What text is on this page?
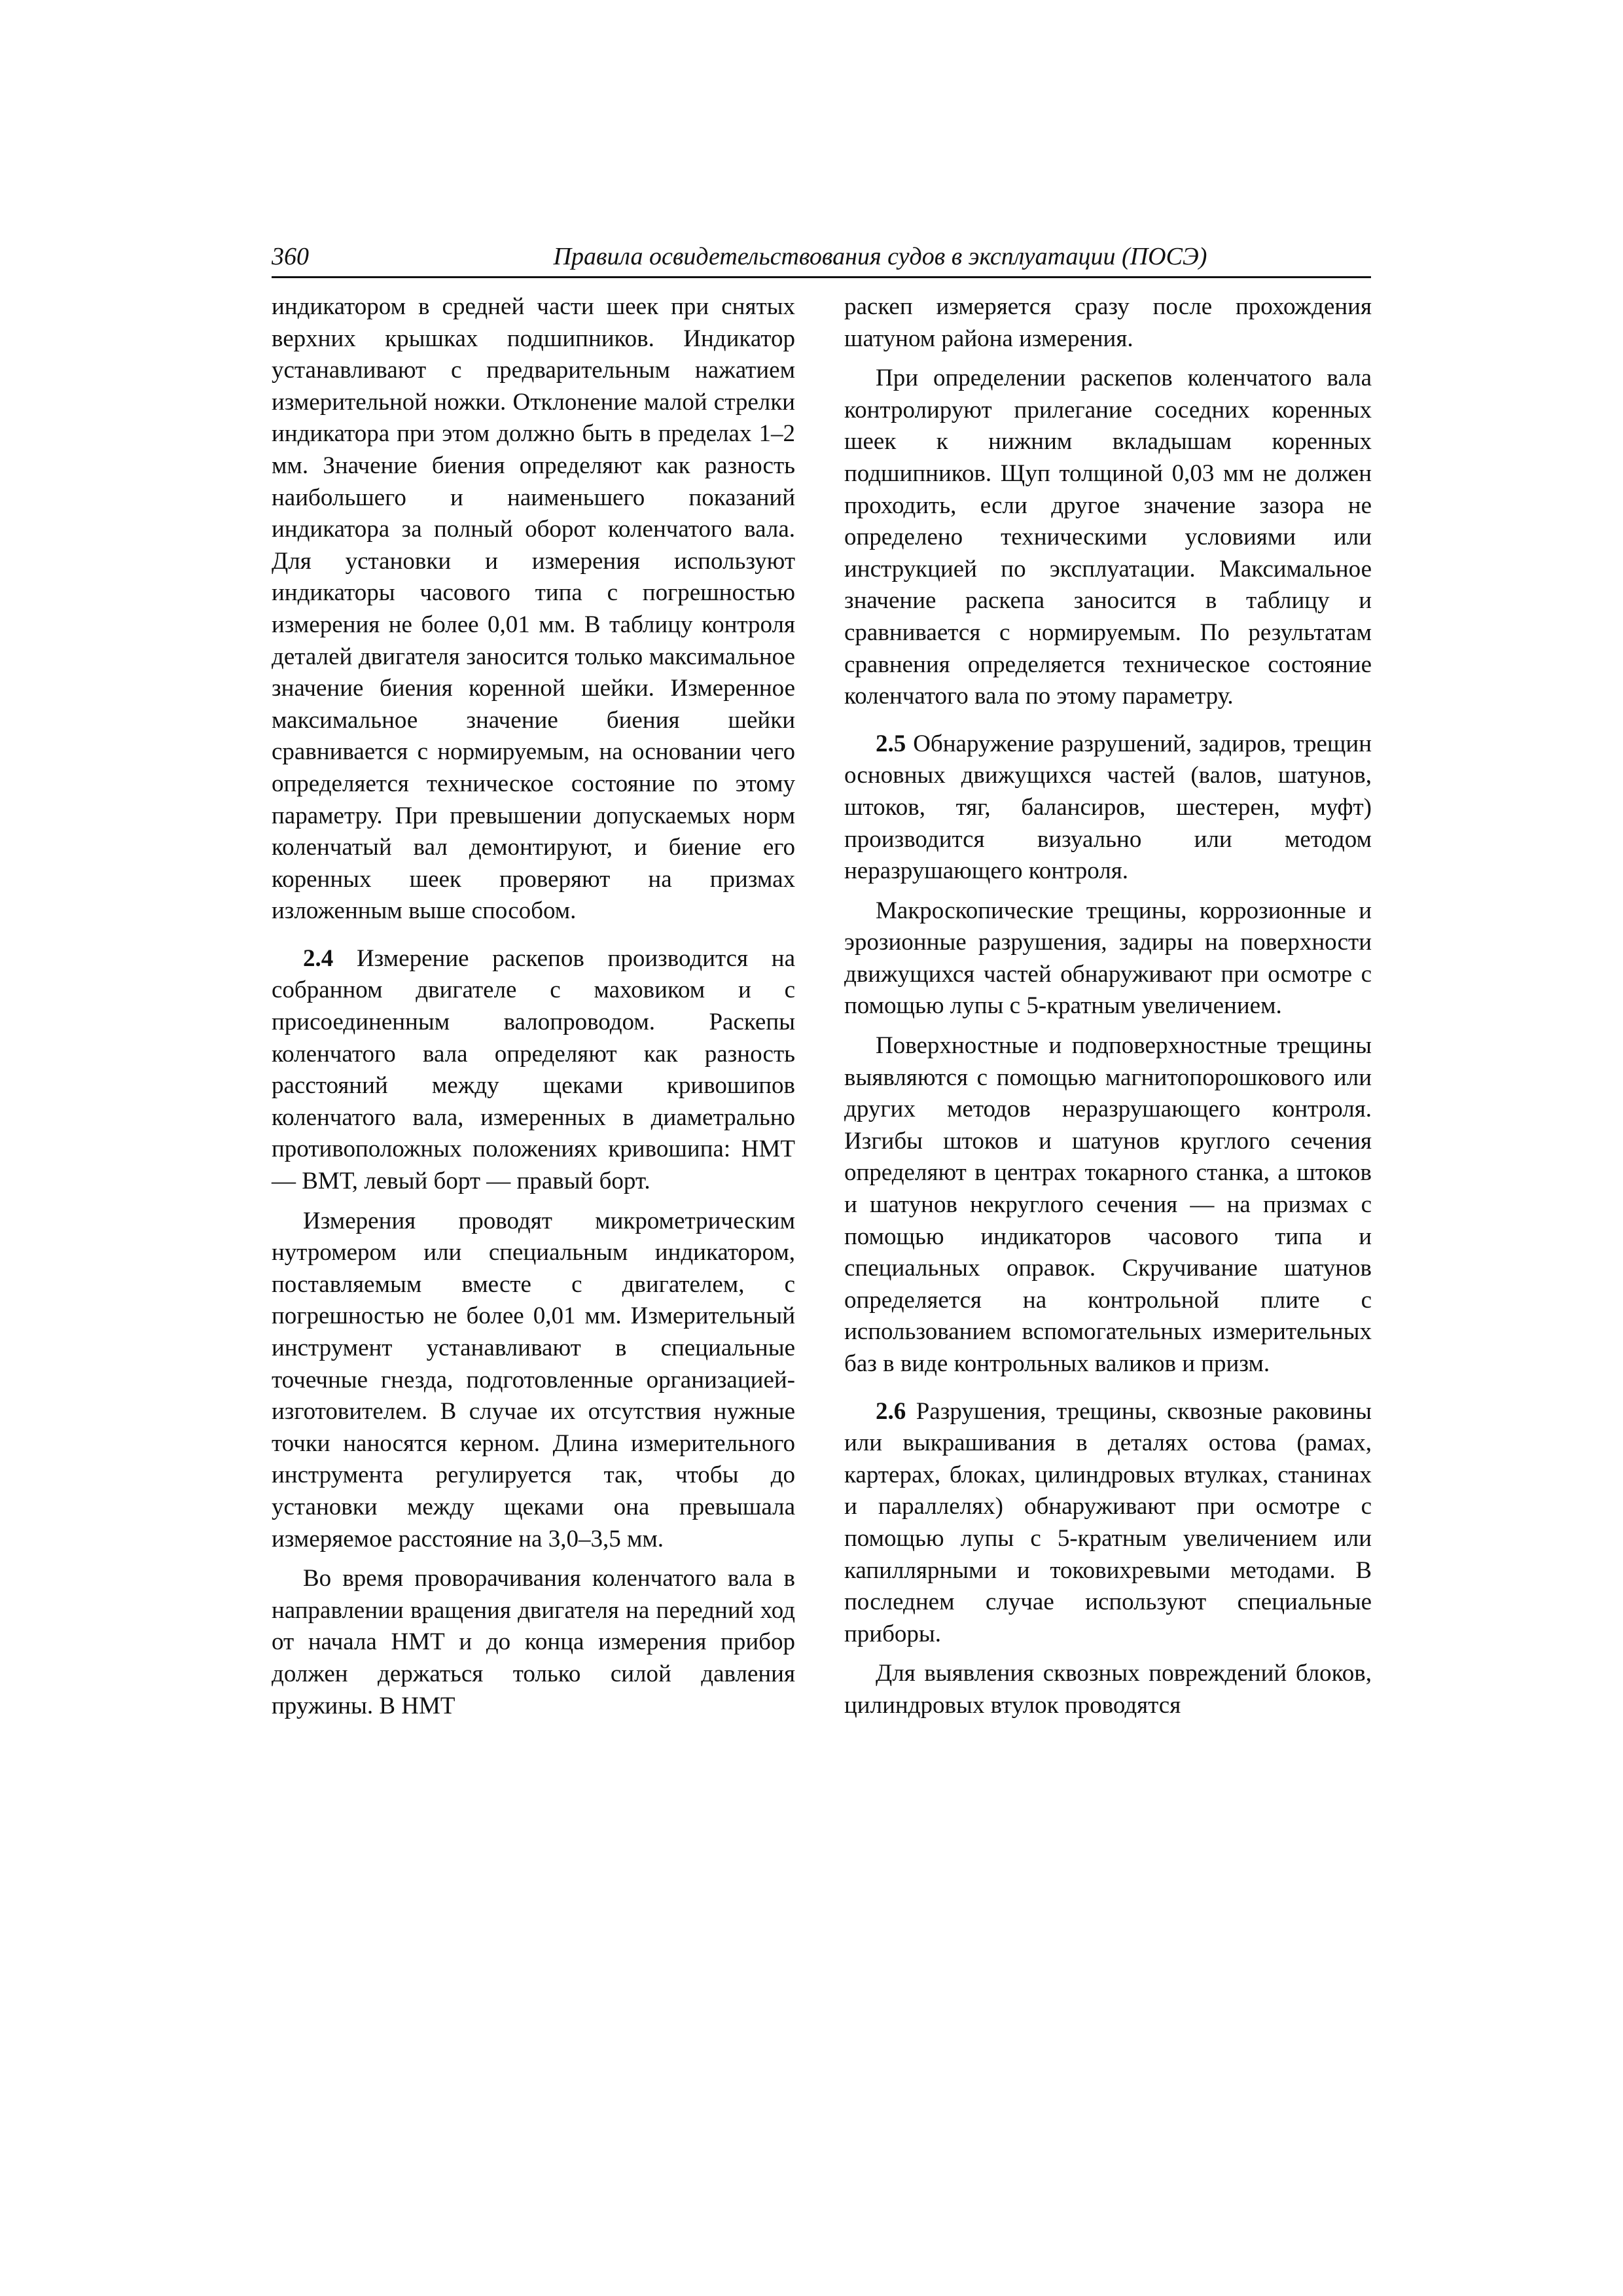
360	Правила освидетельствования судов в эксплуатации (ПОСЭ)

индикатором в средней части шеек при снятых верхних крышках подшипников. Индикатор устанавливают с предварительным нажатием измерительной ножки. Отклонение малой стрелки индикатора при этом должно быть в пределах 1–2 мм. Значение биения определяют как разность наибольшего и наименьшего показаний индикатора за полный оборот коленчатого вала. Для установки и измерения используют индикаторы часового типа с погрешностью измерения не более 0,01 мм. В таблицу контроля деталей двигателя заносится только максимальное значение биения коренной шейки. Измеренное максимальное значение биения шейки сравнивается с нормируемым, на основании чего определяется техническое состояние по этому параметру. При превышении допускаемых норм коленчатый вал демонтируют, и биение его коренных шеек проверяют на призмах изложенным выше способом.

2.4 Измерение раскепов производится на собранном двигателе с маховиком и с присоединенным валопроводом. Раскепы коленчатого вала определяют как разность расстояний между щеками кривошипов коленчатого вала, измеренных в диаметрально противоположных положениях кривошипа: НМТ — ВМТ, левый борт — правый борт.

Измерения проводят микрометрическим нутромером или специальным индикатором, поставляемым вместе с двигателем, с погрешностью не более 0,01 мм. Измерительный инструмент устанавливают в специальные точечные гнезда, подготовленные организацией-изготовителем. В случае их отсутствия нужные точки наносятся керном. Длина измерительного инструмента регулируется так, чтобы до установки между щеками она превышала измеряемое расстояние на 3,0–3,5 мм.

Во время проворачивания коленчатого вала в направлении вращения двигателя на передний ход от начала НМТ и до конца измерения прибор должен держаться только силой давления пружины. В НМТ

раскеп измеряется сразу после прохождения шатуном района измерения.

При определении раскепов коленчатого вала контролируют прилегание соседних коренных шеек к нижним вкладышам коренных подшипников. Щуп толщиной 0,03 мм не должен проходить, если другое значение зазора не определено техническими условиями или инструкцией по эксплуатации. Максимальное значение раскепа заносится в таблицу и сравнивается с нормируемым. По результатам сравнения определяется техническое состояние коленчатого вала по этому параметру.

2.5 Обнаружение разрушений, задиров, трещин основных движущихся частей (валов, шатунов, штоков, тяг, балансиров, шестерен, муфт) производится визуально или методом неразрушающего контроля.

Макроскопические трещины, коррозионные и эрозионные разрушения, задиры на поверхности движущихся частей обнаруживают при осмотре с помощью лупы с 5-кратным увеличением.

Поверхностные и подповерхностные трещины выявляются с помощью магнитопорошкового или других методов неразрушающего контроля. Изгибы штоков и шатунов круглого сечения определяют в центрах токарного станка, а штоков и шатунов некруглого сечения — на призмах с помощью индикаторов часового типа и специальных оправок. Скручивание шатунов определяется на контрольной плите с использованием вспомогательных измерительных баз в виде контрольных валиков и призм.

2.6 Разрушения, трещины, сквозные раковины или выкрашивания в деталях остова (рамах, картерах, блоках, цилиндровых втулках, станинах и параллелях) обнаруживают при осмотре с помощью лупы с 5-кратным увеличением или капиллярными и токовихревыми методами. В последнем случае используют специальные приборы.

Для выявления сквозных повреждений блоков, цилиндровых втулок проводятся
